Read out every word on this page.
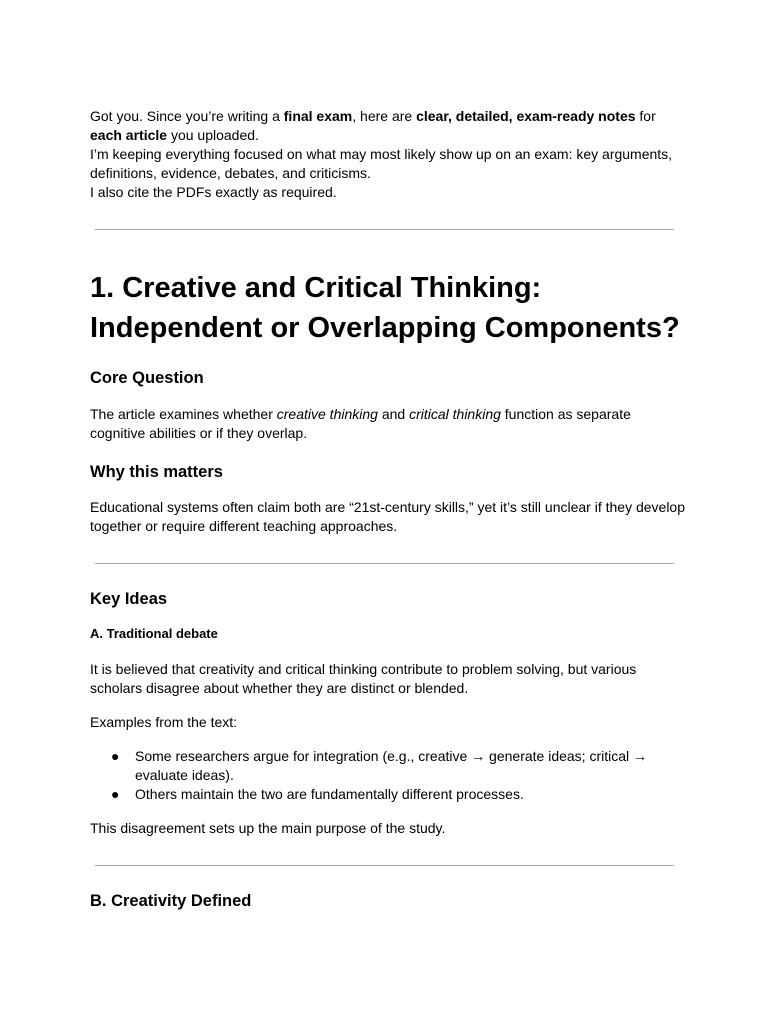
Got you. Since you’re writing a final exam, here are clear, detailed, exam-ready notes for each article you uploaded.

I’m keeping everything focused on what may most likely show up on an exam: key arguments, definitions, evidence, debates, and criticisms.

I also cite the PDFs exactly as required.

1. Creative and Critical Thinking: Independent or Overlapping Components?
Core Question

The article examines whether creative thinking and critical thinking function as separate cognitive abilities or if they overlap.

Why this matters

Educational systems often claim both are “21st-century skills,” yet it’s still unclear if they develop together or require different teaching approaches.

Key Ideas
A. Traditional debate

It is believed that creativity and critical thinking contribute to problem solving, but various scholars disagree about whether they are distinct or blended.

Examples from the text:

● Some researchers argue for integration (e.g., creative → generate ideas; critical → evaluate ideas).
● Others maintain the two are fundamentally different processes.

This disagreement sets up the main purpose of the study.

B. Creativity Defined
